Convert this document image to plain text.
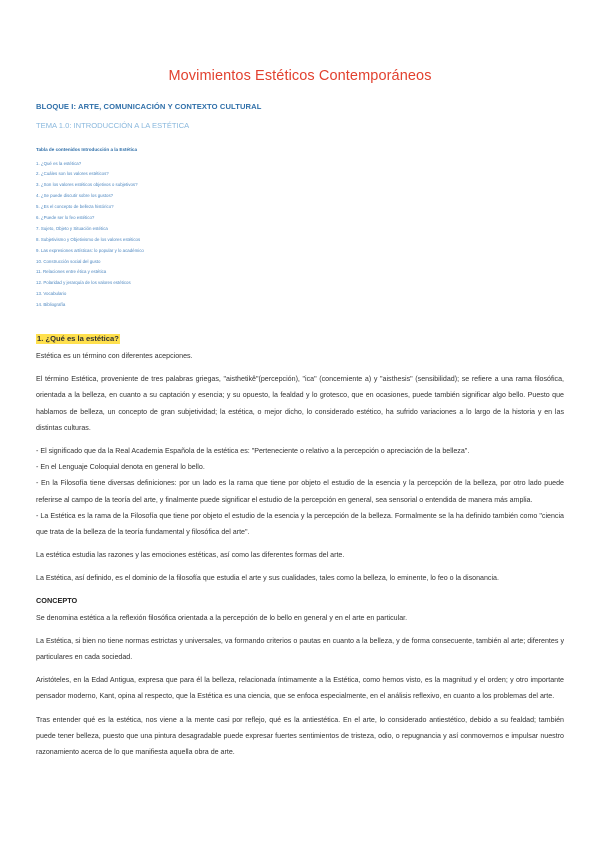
Movimientos Estéticos Contemporáneos
BLOQUE I: ARTE, COMUNICACIÓN Y CONTEXTO CULTURAL
TEMA 1.0: INTRODUCCIÓN A LA ESTÉTICA
Tabla de contenidos Introducción a la Estética
1. ¿Qué es la estética?
2. ¿Cuáles son los valores estéticos?
3. ¿Son los valores estéticos objetivos o subjetivos?
4. ¿Se puede discutir sobre los gustos?
5. ¿Es el concepto de belleza histórico?
6. ¿Puede ser lo feo estético?
7. Sujeto, Objeto y Situación estética
8. Subjetivismo y Objetivismo de los valores estéticos
9. Las expresiones artísticas: lo popular y lo académico
10. Construcción social del gusto
11. Relaciones entre ética y estética
12. Polaridad y jerarquía de los valores estéticos
13. Vocabulario
14. Bibliografía
1. ¿Qué es la estética?

Estética es un término con diferentes acepciones.

El término Estética, proveniente de tres palabras griegas, "aisthetikê"(percepción), "ica" (concerniente a) y "aisthesis" (sensibilidad); se refiere a una rama filosófica, orientada a la belleza, en cuanto a su captación y esencia; y su opuesto, la fealdad y lo grotesco, que en ocasiones, puede también significar algo bello. Puesto que hablamos de belleza, un concepto de gran subjetividad; la estética, o mejor dicho, lo considerado estético, ha sufrido variaciones a lo largo de la historia y en las distintas culturas.

- El significado que da la Real Academia Española de la estética es: "Perteneciente o relativo a la percepción o apreciación de la belleza".

- En el Lenguaje Coloquial denota en general lo bello.

- En la Filosofía tiene diversas definiciones: por un lado es la rama que tiene por objeto el estudio de la esencia y la percepción de la belleza, por otro lado puede referirse al campo de la teoría del arte, y finalmente puede significar el estudio de la percepción en general, sea sensorial o entendida de manera más amplia.

- La Estética es la rama de la Filosofía que tiene por objeto el estudio de la esencia y la percepción de la belleza. Formalmente se la ha definido también como "ciencia que trata de la belleza de la teoría fundamental y filosófica del arte".

La estética estudia las razones y las emociones estéticas, así como las diferentes formas del arte.

La Estética, así definido, es el dominio de la filosofía que estudia el arte y sus cualidades, tales como la belleza, lo eminente, lo feo o la disonancia.

CONCEPTO

Se denomina estética a la reflexión filosófica orientada a la percepción de lo bello en general y en el arte en particular.

La Estética, si bien no tiene normas estrictas y universales, va formando criterios o pautas en cuanto a la belleza, y de forma consecuente, también al arte; diferentes y particulares en cada sociedad.

Aristóteles, en la Edad Antigua, expresa que para él la belleza, relacionada íntimamente a la Estética, como hemos visto, es la magnitud y el orden; y otro importante pensador moderno, Kant, opina al respecto, que la Estética es una ciencia, que se enfoca especialmente, en el análisis reflexivo, en cuanto a los problemas del arte.

Tras entender qué es la estética, nos viene a la mente casi por reflejo, qué es la antiestética. En el arte, lo considerado antiestético, debido a su fealdad; también puede tener belleza, puesto que una pintura desagradable puede expresar fuertes sentimientos de tristeza, odio, o repugnancia y así conmovernos e impulsar nuestro razonamiento acerca de lo que manifiesta aquella obra de arte.
